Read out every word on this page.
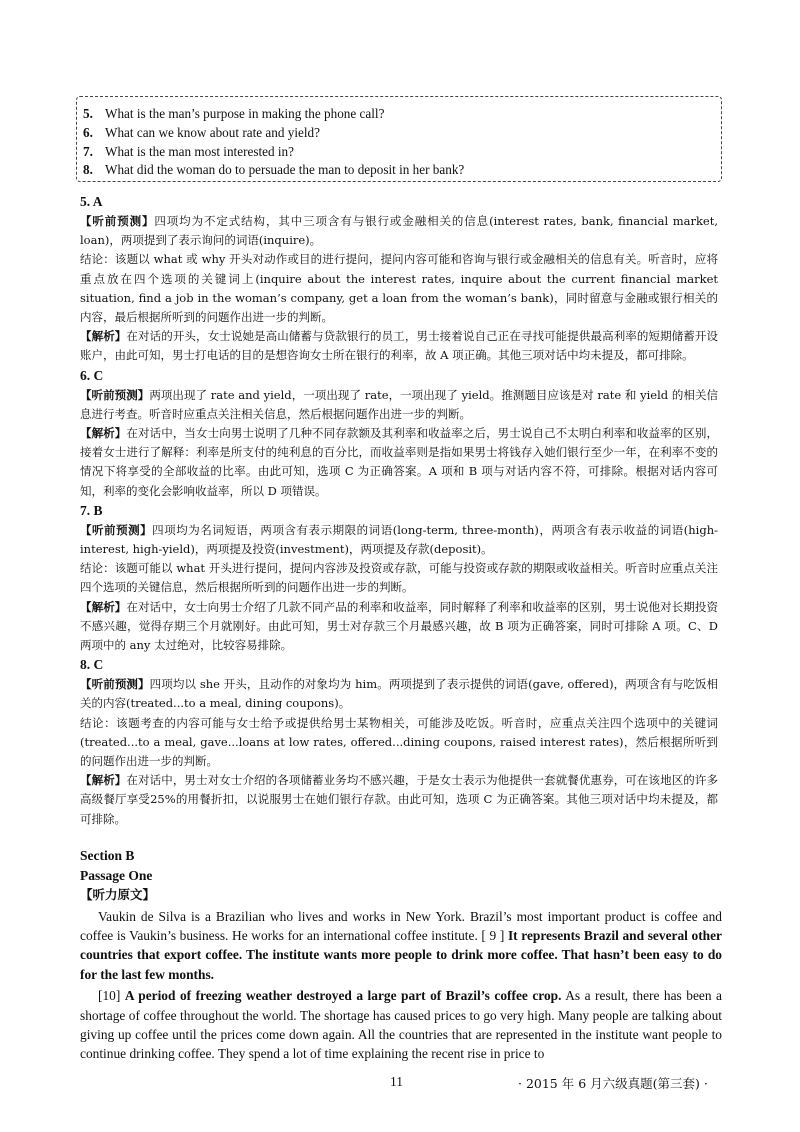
5. What is the man’s purpose in making the phone call?
6. What can we know about rate and yield?
7. What is the man most interested in?
8. What did the woman do to persuade the man to deposit in her bank?
5. A
【听前预测】四项均为不定式结构，其中三项含有与银行或金融相关的信息(interest rates, bank, financial market, loan)，两项提到了表示询问的词语(inquire)。
结论：该题以 what 或 why 开头对动作或目的进行提问，提问内容可能和咨询与银行或金融相关的信息有关。听音时，应将重点放在四个选项的关键词上(inquire about the interest rates, inquire about the current financial market situation, find a job in the woman’s company, get a loan from the woman’s bank)，同时留意与金融或银行相关的内容，最后根据所听到的问题作出进一步的判断。
【解析】在对话的开头，女士说她是高山储蓄与贷款银行的员工，男士接着说自己正在寻找可能提供最高利率的短期储蓄开设账户，由此可知，男士打电话的目的是想咨询女士所在银行的利率，故 A 项正确。其他三项对话中均未提及，都可排除。
6. C
【听前预测】两项出现了 rate and yield，一项出现了 rate，一项出现了 yield。推测题目应该是对 rate 和 yield 的相关信息进行考查。听音时应重点关注相关信息，然后根据问题作出进一步的判断。
【解析】在对话中，当女士向男士说明了几种不同存款额及其利率和收益率之后，男士说自己不太明白利率和收益率的区别，接着女士进行了解释：利率是所支付的纯利息的百分比，而收益率则是指如果男士将钱存入她们银行至少一年，在利率不变的情况下将享受的全部收益的比率。由此可知，选项 C 为正确答案。A 项和 B 项与对话内容不符，可排除。根据对话内容可知，利率的变化会影响收益率，所以 D 项错误。
7. B
【听前预测】四项均为名词短语，两项含有表示期限的词语(long-term, three-month)，两项含有表示收益的词语(high-interest, high-yield)，两项提及投资(investment)，两项提及存款(deposit)。
结论：该题可能以 what 开头进行提问，提问内容涉及投资或存款，可能与投资或存款的期限或收益相关。听音时应重点关注四个选项的关键信息，然后根据所听到的问题作出进一步的判断。
【解析】在对话中，女士向男士介绍了几款不同产品的利率和收益率，同时解释了利率和收益率的区别，男士说他对长期投资不感兴趣，觉得存期三个月就刚好。由此可知，男士对存款三个月最感兴趣，故 B 项为正确答案，同时可排除 A 项。C、D 两项中的 any 太过绝对，比较容易排除。
8. C
【听前预测】四项均以 she 开头，且动作的对象均为 him。两项提到了表示提供的词语(gave, offered)，两项含有与吃饭相关的内容(treated...to a meal, dining coupons)。
结论：该题考查的内容可能与女士给予或提供给男士某物相关，可能涉及吃饭。听音时，应重点关注四个选项中的关键词(treated...to a meal, gave...loans at low rates, offered...dining coupons, raised interest rates)，然后根据所听到的问题作出进一步的判断。
【解析】在对话中，男士对女士介绍的各项储蓄业务均不感兴趣，于是女士表示为他提供一套就餐优惠券，可在该地区的许多高级餐厅享受25%的用餐折扣，以说服男士在她们银行存款。由此可知，选项 C 为正确答案。其他三项对话中均未提及，都可排除。
Section B
Passage One
【听力原文】
Vaukin de Silva is a Brazilian who lives and works in New York. Brazil’s most important product is coffee and coffee is Vaukin’s business. He works for an international coffee institute. [ 9 ] It represents Brazil and several other countries that export coffee. The institute wants more people to drink more coffee. That hasn’t been easy to do for the last few months.
[10] A period of freezing weather destroyed a large part of Brazil’s coffee crop. As a result, there has been a shortage of coffee throughout the world. The shortage has caused prices to go very high. Many people are talking about giving up coffee until the prices come down again. All the countries that are represented in the institute want people to continue drinking coffee. They spend a lot of time explaining the recent rise in price to
11	· 2015 年 6 月六级真题(第三套) ·
